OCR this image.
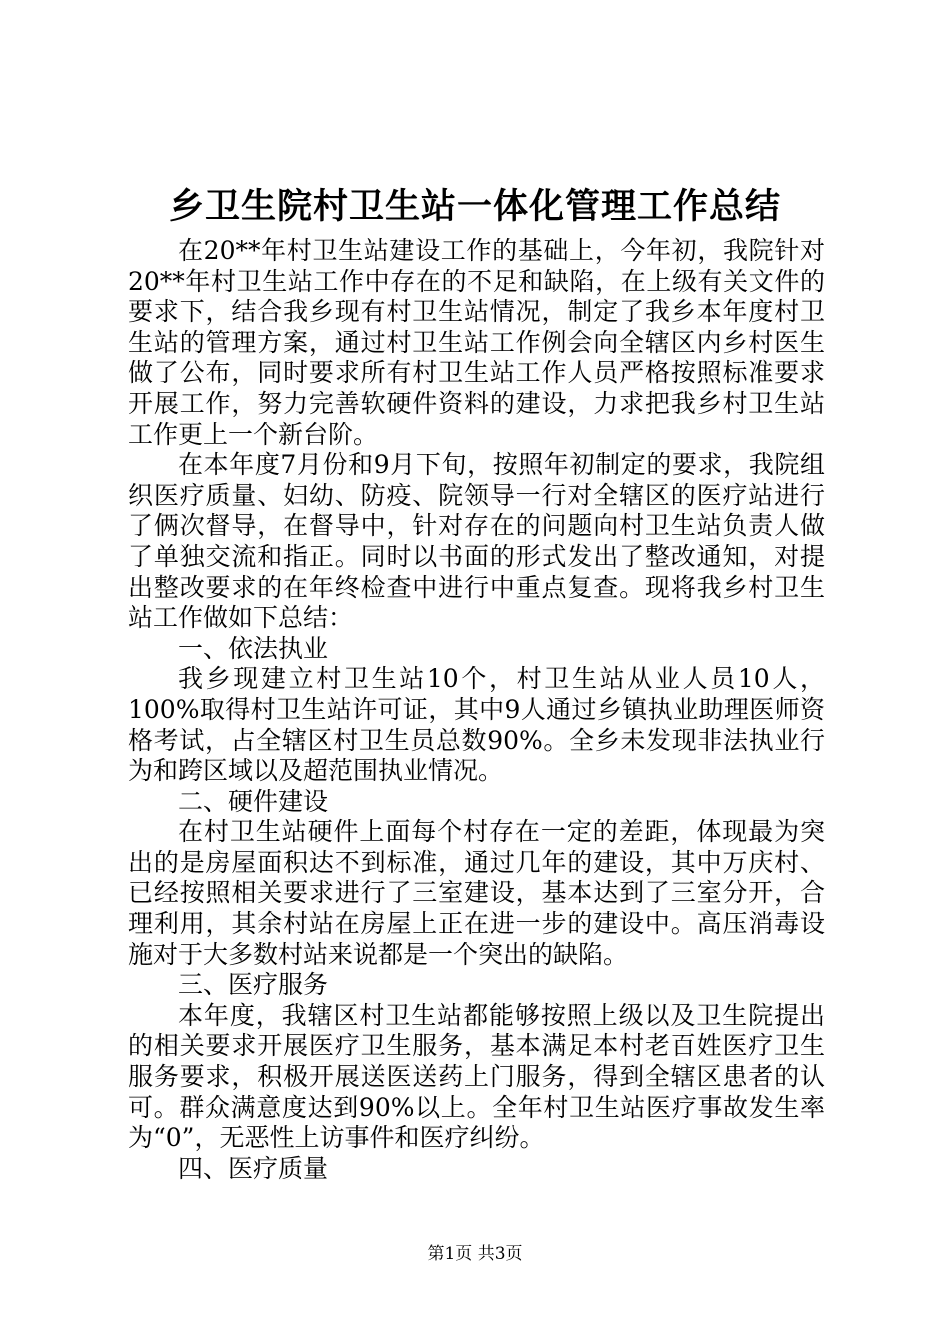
乡卫生院村卫生站一体化管理工作总结

在20**年村卫生站建设工作的基础上，今年初，我院针对20**年村卫生站工作中存在的不足和缺陷，在上级有关文件的要求下，结合我乡现有村卫生站情况，制定了我乡本年度村卫生站的管理方案，通过村卫生站工作例会向全辖区内乡村医生做了公布，同时要求所有村卫生站工作人员严格按照标准要求开展工作，努力完善软硬件资料的建设，力求把我乡村卫生站工作更上一个新台阶。

在本年度7月份和9月下旬，按照年初制定的要求，我院组织医疗质量、妇幼、防疫、院领导一行对全辖区的医疗站进行了俩次督导，在督导中，针对存在的问题向村卫生站负责人做了单独交流和指正。同时以书面的形式发出了整改通知，对提出整改要求的在年终检查中进行中重点复查。现将我乡村卫生站工作做如下总结：

一、依法执业

我乡现建立村卫生站10个，村卫生站从业人员10人，100%取得村卫生站许可证，其中9人通过乡镇执业助理医师资格考试，占全辖区村卫生员总数90%。全乡未发现非法执业行为和跨区域以及超范围执业情况。

二、硬件建设

在村卫生站硬件上面每个村存在一定的差距，体现最为突出的是房屋面积达不到标准，通过几年的建设，其中万庆村、已经按照相关要求进行了三室建设，基本达到了三室分开，合理利用，其余村站在房屋上正在进一步的建设中。高压消毒设施对于大多数村站来说都是一个突出的缺陷。

三、医疗服务

本年度，我辖区村卫生站都能够按照上级以及卫生院提出的相关要求开展医疗卫生服务，基本满足本村老百姓医疗卫生服务要求，积极开展送医送药上门服务，得到全辖区患者的认可。群众满意度达到90%以上。全年村卫生站医疗事故发生率为“0”，无恶性上访事件和医疗纠纷。

四、医疗质量

第1页 共3页
